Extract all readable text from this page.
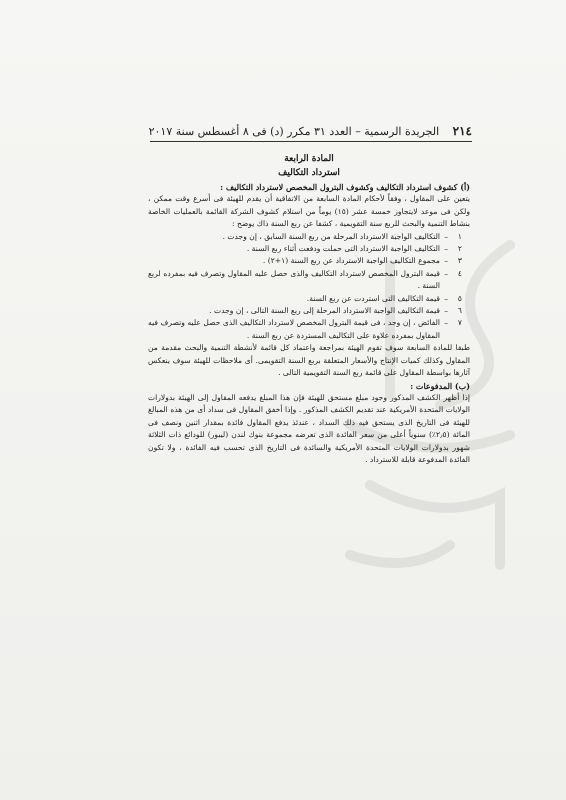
٢١٤ الجريدة الرسمية – العدد ٣١ مكرر (د) فى ٨ أغسطس سنة ٢٠١٧

المادة الرابعة

استرداد التكاليف

(أ) كشوف استرداد التكاليف وكشوف البترول المخصص لاسترداد التكاليف :

يتعين على المقاول ، وفقاً لأحكام المادة السابعة من الاتفاقية أن يقدم للهيئة فى أسرع وقت ممكن ، ولكن فى موعد لايتجاوز خمسة عشر (١٥) يوماً من استلام كشوف الشركة القائمة بالعمليات الخاصة بنشاط التنمية والبحث للربع سنة التقويمية ، كشفا عن ربع السنة ذاك يوضح :

١
–
التكاليف الواجبة الاسترداد المرحلة من ربع السنة السابق ، إن وجدت .
٢
–
التكاليف الواجبة الاسترداد التى حملت ودفعت أثناء ربع السنة .
٣
–
مجموع التكاليف الواجبة الاسترداد عن ربع السنة (١+٢) .
٤
–
قيمة البترول المخصص لاسترداد التكاليف والذى حصل عليه المقاول وتصرف فيه بمفرده لربع السنة .
٥
–
قيمة التكاليف التى استردت عن ربع السنة.
٦
–
قيمة التكاليف الواجبة الاسترداد المرحلة إلى ربع السنة التالى ، إن وجدت .
٧
–
الفائض ، إن وجد ، فى قيمة البترول المخصص لاسترداد التكاليف الذى حصل عليه وتصرف فيه المقاول بمفرده علاوة على التكاليف المستردة عن ربع السنة .

طبقا للمادة السابعة سوف تقوم الهيئة بمراجعة واعتماد كل قائمة لأنشطة التنمية والبحث مقدمة من المقاول وكذلك كميات الإنتاج والأسعار المتعلقة بربع السنة التقويمى. أى ملاحظات للهيئة سوف ينعكس آثارها بواسطة المقاول على قائمة ربع السنة التقويمية التالى .

(ب) المدفوعات :

إذا أظهر الكشف المذكور وجود مبلغ مستحق للهيئة فإن هذا المبلغ يدفعه المقاول إلى الهيئة بدولارات الولايات المتحدة الأمريكية عند تقديم الكشف المذكور . وإذا أخفق المقاول فى سداد أى من هذه المبالغ للهيئة فى التاريخ الذى يستحق فيه ذلك السداد ، عندئذ يدفع المقاول فائدة بمقدار اثنين ونصف فى المائة (٢٫٥٪) سنوياً أعلى من سعر الفائدة الذى تعرضه مجموعة بنوك لندن (ليبور) للودائع ذات الثلاثة شهور بدولارات الولايات المتحدة الأمريكية والسائدة فى التاريخ الذى تحسب فيه الفائدة ، ولا تكون الفائدة المدفوعة قابلة للاسترداد .
